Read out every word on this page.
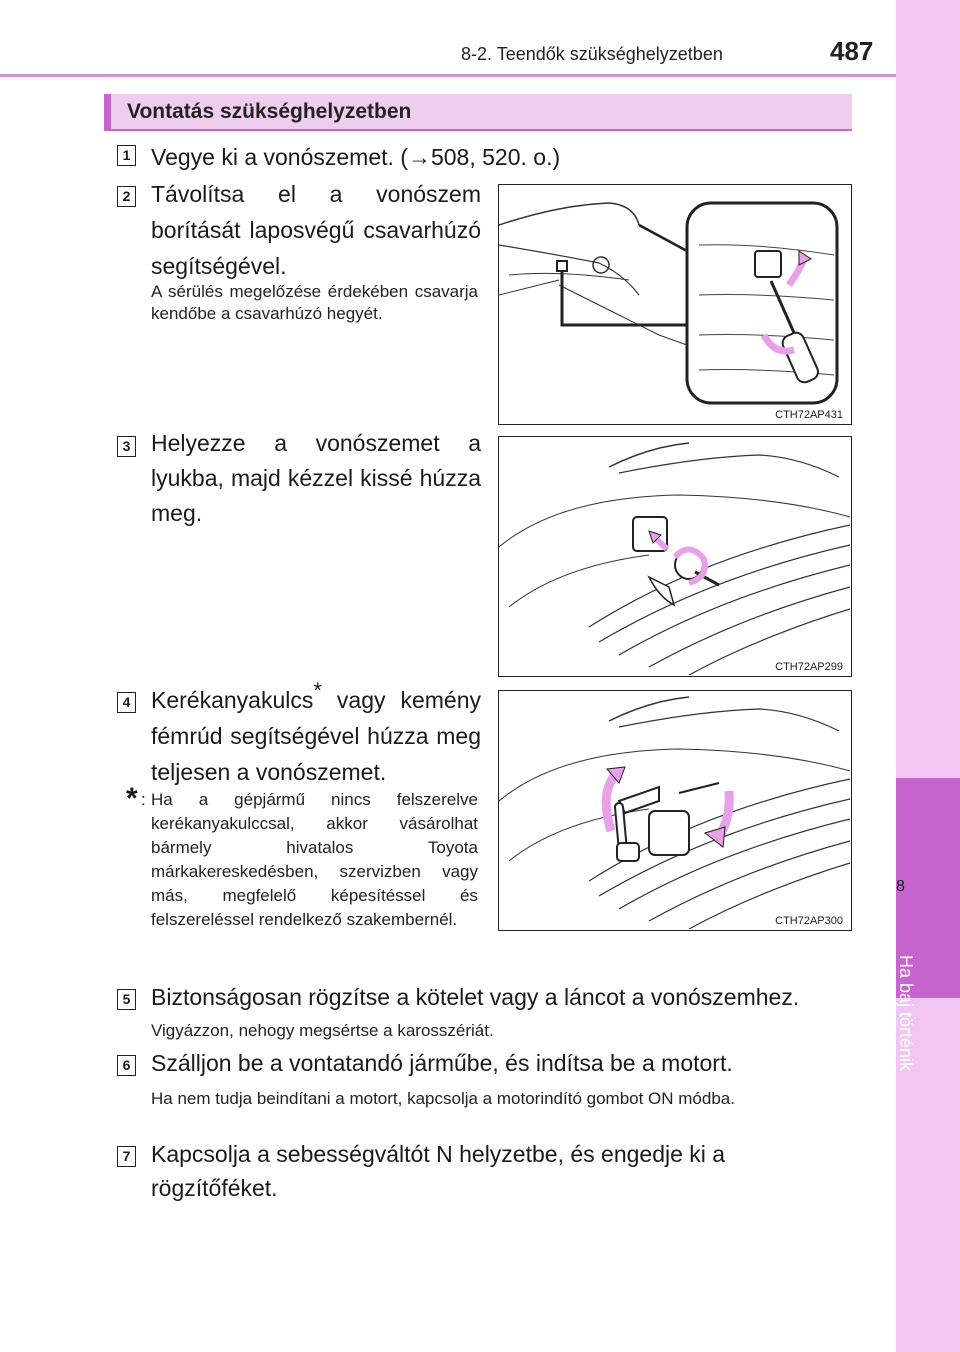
8-2. Teendők szükséghelyzetben	487
8
Ha baj történik
Vontatás szükséghelyzetben
1 Vegye ki a vonószemet. (→508, 520. o.)
2 Távolítsa el a vonószem borítását laposvégű csavarhúzó segítségével.
A sérülés megelőzése érdekében csavarja kendőbe a csavarhúzó hegyét.
3 Helyezze a vonószemet a lyukba, majd kézzel kissé húzza meg.
4 Kerékanyakulcs* vagy kemény fémrúd segítségével húzza meg teljesen a vonószemet.
* : Ha a gépjármű nincs felszerelve kerékanyakulccsal, akkor vásárolhat bármely hivatalos Toyota márkakereskedésben, szervizben vagy más, megfelelő képesítéssel és felszereléssel rendelkező szakembernél.
5 Biztonságosan rögzítse a kötelet vagy a láncot a vonószemhez.
Vigyázzon, nehogy megsértse a karosszériát.
6 Szálljon be a vontatandó járműbe, és indítsa be a motort.
Ha nem tudja beindítani a motort, kapcsolja a motorindító gombot ON módba.
7 Kapcsolja a sebességváltót N helyzetbe, és engedje ki a rögzítőféket.
CTH72AP431
CTH72AP299
CTH72AP300
